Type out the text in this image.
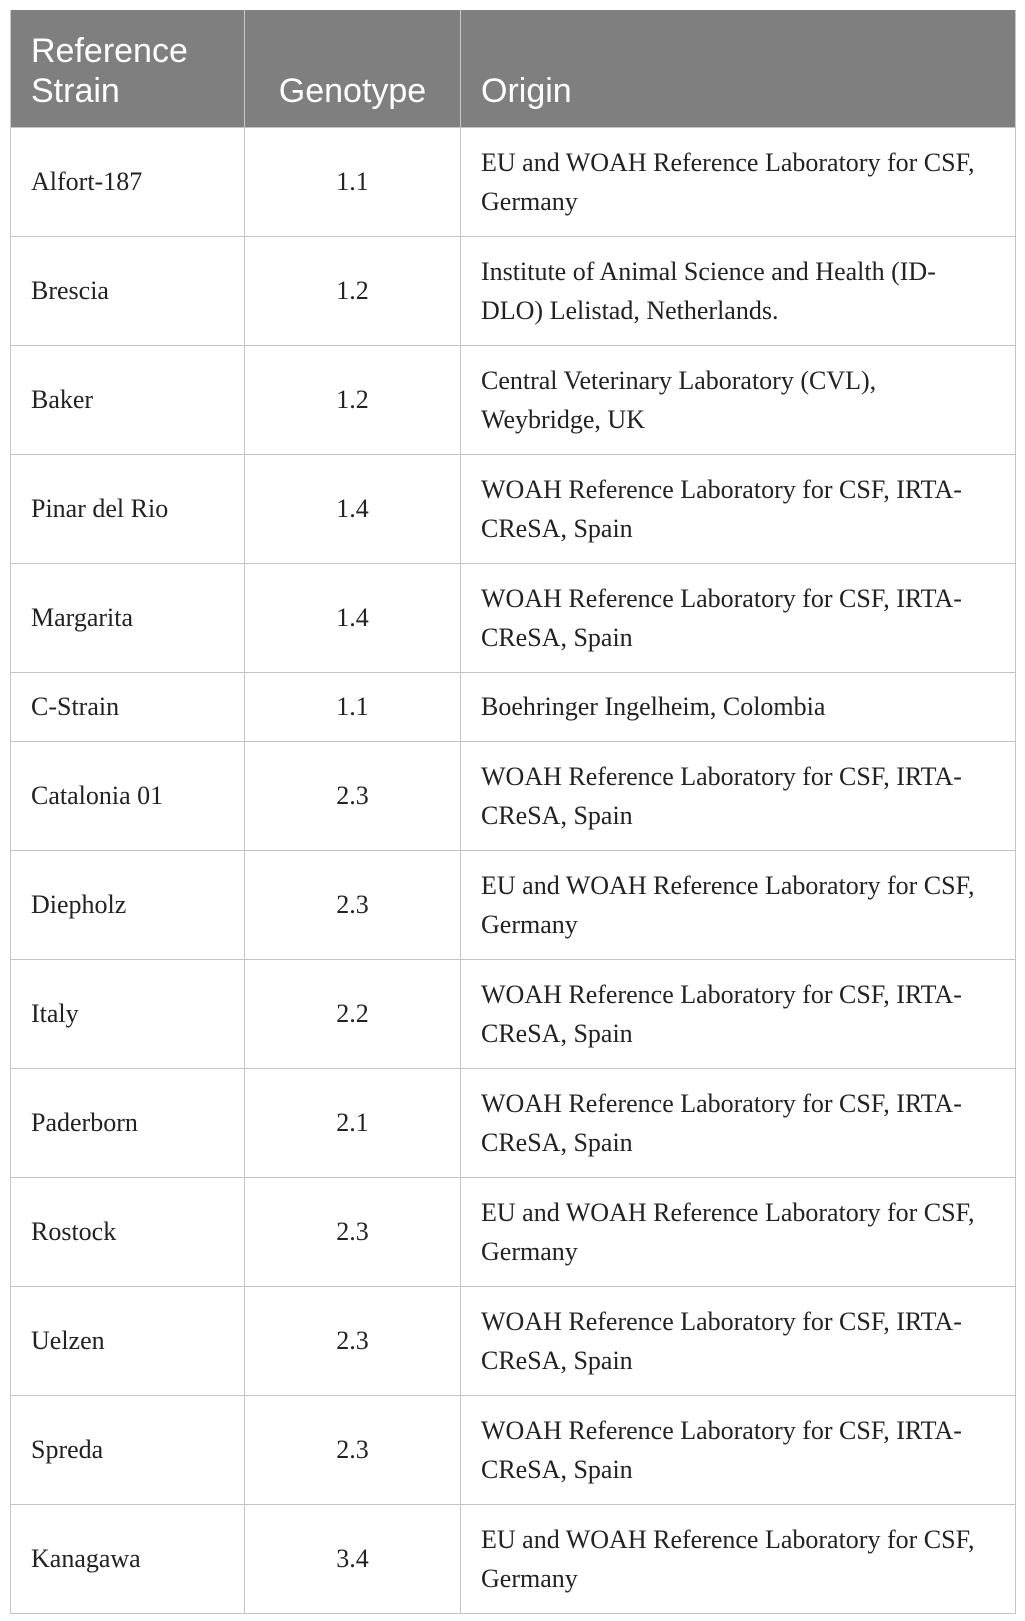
Reference Strain	Genotype	Origin
Alfort-187	1.1	EU and WOAH Reference Laboratory for CSF, Germany
Brescia	1.2	Institute of Animal Science and Health (ID-DLO) Lelistad, Netherlands.
Baker	1.2	Central Veterinary Laboratory (CVL), Weybridge, UK
Pinar del Rio	1.4	WOAH Reference Laboratory for CSF, IRTA-CReSA, Spain
Margarita	1.4	WOAH Reference Laboratory for CSF, IRTA-CReSA, Spain
C-Strain	1.1	Boehringer Ingelheim, Colombia
Catalonia 01	2.3	WOAH Reference Laboratory for CSF, IRTA-CReSA, Spain
Diepholz	2.3	EU and WOAH Reference Laboratory for CSF, Germany
Italy	2.2	WOAH Reference Laboratory for CSF, IRTA-CReSA, Spain
Paderborn	2.1	WOAH Reference Laboratory for CSF, IRTA-CReSA, Spain
Rostock	2.3	EU and WOAH Reference Laboratory for CSF, Germany
Uelzen	2.3	WOAH Reference Laboratory for CSF, IRTA-CReSA, Spain
Spreda	2.3	WOAH Reference Laboratory for CSF, IRTA-CReSA, Spain
Kanagawa	3.4	EU and WOAH Reference Laboratory for CSF, Germany
